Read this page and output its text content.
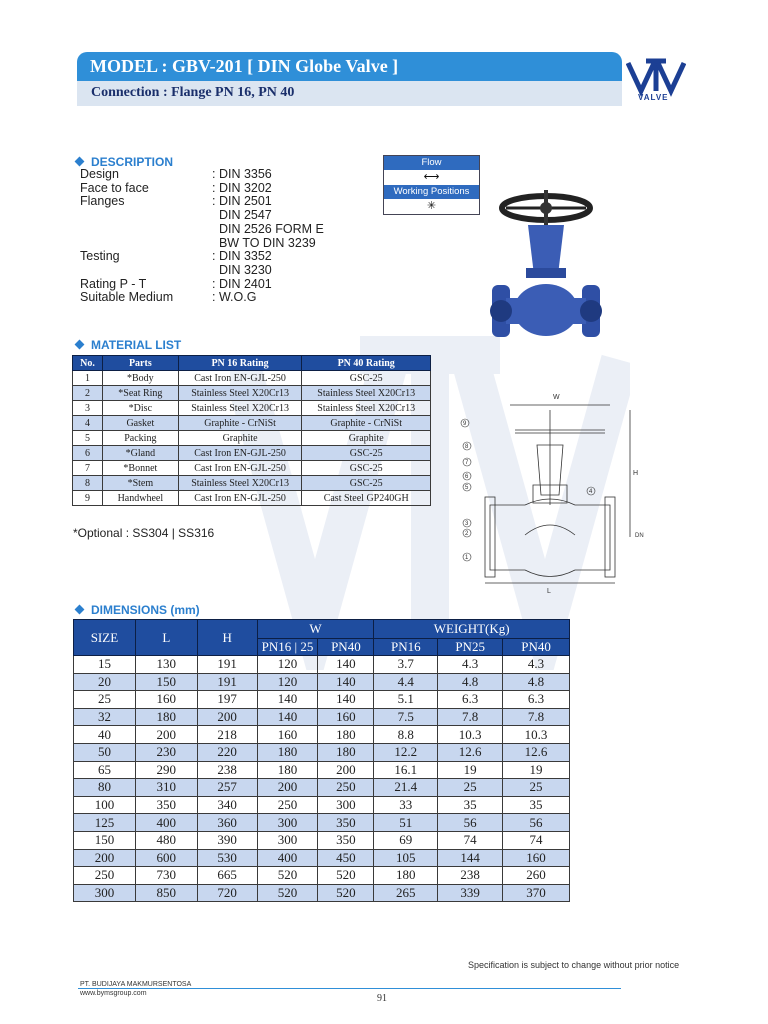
MODEL : GBV-201 [ DIN Globe Valve ]
Connection : Flange PN 16, PN 40	VALVE
DESCRIPTION
Design	: DIN 3356
Face to face	: DIN 3202
Flanges	: DIN 2501
DIN 2547
DIN 2526 FORM E
BW TO DIN 3239
Testing	: DIN 3352
DIN 3230
Rating P - T	: DIN 2401
Suitable Medium	: W.O.G
Flow
⟷
Working Positions
✳
W
H
L
DN
9
8
7
6
5
4
3
2
1
MATERIAL LIST
No.	Parts	PN 16 Rating	PN 40 Rating
1	*Body	Cast Iron EN-GJL-250	GSC-25
2	*Seat Ring	Stainless Steel X20Cr13	Stainless Steel X20Cr13
3	*Disc	Stainless Steel X20Cr13	Stainless Steel X20Cr13
4	Gasket	Graphite - CrNiSt	Graphite - CrNiSt
5	Packing	Graphite	Graphite
6	*Gland	Cast Iron EN-GJL-250	GSC-25
7	*Bonnet	Cast Iron EN-GJL-250	GSC-25
8	*Stem	Stainless Steel X20Cr13	GSC-25
9	Handwheel	Cast Iron EN-GJL-250	Cast Steel GP240GH
*Optional : SS304 | SS316
DIMENSIONS (mm)
SIZE	L	H	W		WEIGHT(Kg)		
			PN16 | 25	PN40	PN16	PN25	PN40
15	130	191	120	140	3.7	4.3	4.3
20	150	191	120	140	4.4	4.8	4.8
25	160	197	140	140	5.1	6.3	6.3
32	180	200	140	160	7.5	7.8	7.8
40	200	218	160	180	8.8	10.3	10.3
50	230	220	180	180	12.2	12.6	12.6
65	290	238	180	200	16.1	19	19
80	310	257	200	250	21.4	25	25
100	350	340	250	300	33	35	35
125	400	360	300	350	51	56	56
150	480	390	300	350	69	74	74
200	600	530	400	450	105	144	160
250	730	665	520	520	180	238	260
300	850	720	520	520	265	339	370
Specification is subject to change without prior notice
PT. BUDIJAYA MAKMURSENTOSA
www.bymsgroup.com	91
